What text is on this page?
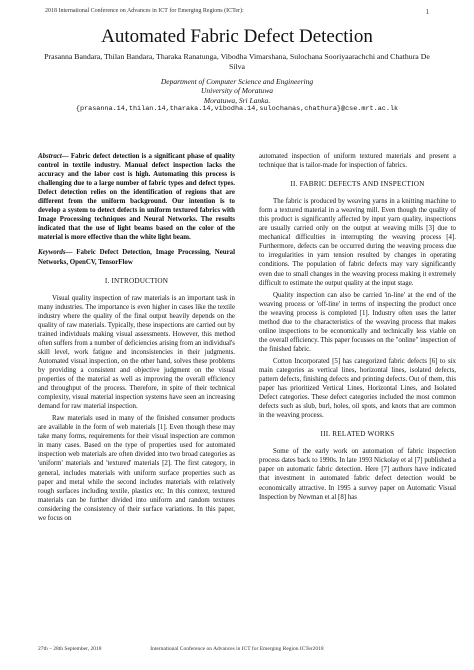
2018 International Conference on Advances in ICT for Emerging Regions (ICTer):	1
Automated Fabric Defect Detection
Prasanna Bandara, Thilan Bandara, Tharaka Ranatunga, Vibodha Vimarshana, Sulochana Sooriyaarachchi and Chathura De Silva
Department of Computer Science and Engineering
University of Moratuwa
Moratuwa, Sri Lanka.
{prasanna.14,thilan.14,tharaka.14,vibodha.14,sulochanas,chathura}@cse.mrt.ac.lk

Abstract— Fabric defect detection is a significant phase of quality control in textile industry. Manual defect inspection lacks the accuracy and the labor cost is high. Automating this process is challenging due to a large number of fabric types and defect types. Defect detection relies on the identification of regions that are different from the uniform background. Our intention is to develop a system to detect defects in uniform textured fabrics with Image Processing techniques and Neural Networks. The results indicated that the use of light beams based on the color of the material is more effective than the white light beam.

Keywords— Fabric Defect Detection, Image Processing, Neural Networks, OpenCV, TensorFlow

I. INTRODUCTION

Visual quality inspection of raw materials is an important task in many industries. The importance is even higher in cases like the textile industry where the quality of the final output heavily depends on the quality of raw materials. Typically, these inspections are carried out by trained individuals making visual assessments. However, this method often suffers from a number of deficiencies arising from an individual's skill level, work fatigue and inconsistencies in their judgments. Automated visual inspection, on the other hand, solves these problems by providing a consistent and objective judgment on the visual properties of the material as well as improving the overall efficiency and throughput of the process. Therefore, in spite of their technical complexity, visual material inspection systems have seen an increasing demand for raw material inspection.

Raw materials used in many of the finished consumer products are available in the form of web materials [1]. Even though these may take many forms, requirements for their visual inspection are common in many cases. Based on the type of properties used for automated inspection web materials are often divided into two broad categories as 'uniform' materials and 'textured' materials [2]. The first category, in general, includes materials with uniform surface properties such as paper and metal while the second includes materials with relatively rough surfaces including textile, plastics etc. In this context, textured materials can be further divided into uniform and random textures considering the consistency of their surface variations. In this paper, we focus on

automated inspection of uniform textured materials and present a technique that is tailor-made for inspection of fabrics.

II. FABRIC DEFECTS AND INSPECTION

The fabric is produced by weaving yarns in a knitting machine to form a textured material in a weaving mill. Even though the quality of this product is significantly affected by input yarn quality, inspections are usually carried only on the output at weaving mills [3] due to mechanical difficulties in interrupting the weaving process [4]. Furthermore, defects can be occurred during the weaving process due to irregularities in yarn tension resulted by changes in operating conditions. The population of fabric defects may vary significantly even due to small changes in the weaving process making it extremely difficult to estimate the output quality at the input stage.

Quality inspection can also be carried 'in-line' at the end of the weaving process or 'off-line' in terms of inspecting the product once the weaving process is completed [1]. Industry often uses the latter method due to the characteristics of the weaving process that makes online inspections to be economically and technically less viable on the overall efficiency. This paper focusses on the "online" inspection of the finished fabric.

Cotton Incorporated [5] has categorized fabric defects [6] to six main categories as vertical lines, horizontal lines, isolated defects, pattern defects, finishing defects and printing defects. Out of them, this paper has prioritized Vertical Lines, Horizontal Lines, and Isolated Defect categories. These defect categories included the most common defects such as slub, burl, holes, oil spots, and knots that are common in the weaving process.

III. RELATED WORKS

Some of the early work on automation of fabric inspection process dates back to 1990s. In late 1993 Nickolay et al [7] published a paper on automatic fabric detection. Here [7] authors have indicated that investment in automated fabric defect detection would be economically attractive. In 1995 a survey paper on Automatic Visual Inspection by Newman et al [8] has

27th – 28th September, 2018	International Conference on Advances in ICT for Emerging Region ICTer2018
